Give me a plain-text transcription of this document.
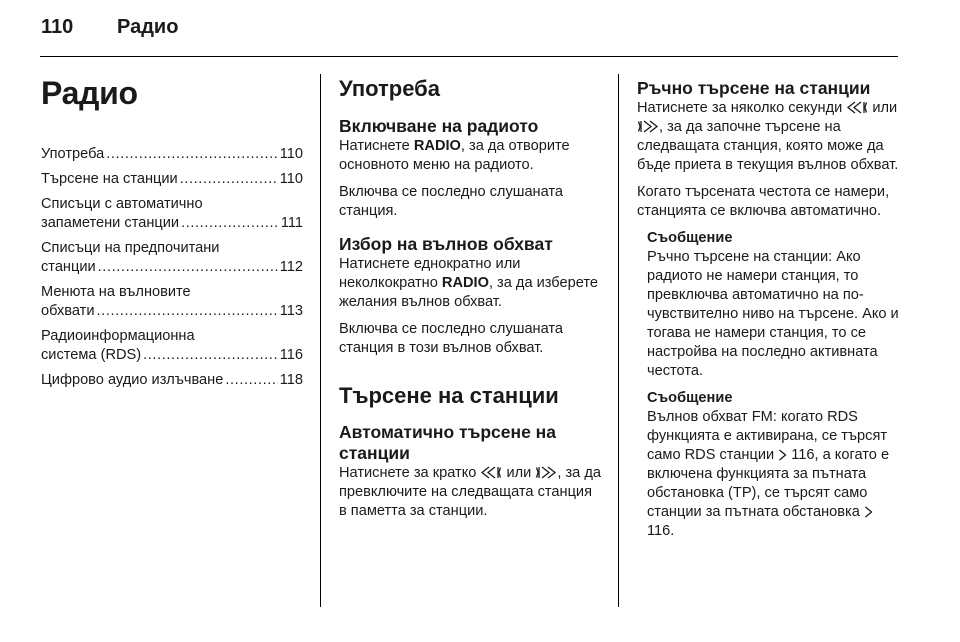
110 Радио
Радио
Употреба .....	110
Търсене на станции .....	110
Списъци с автоматично
запаметени станции .....	111
Списъци на предпочитани
станции .....	112
Менюта на вълновите
обхвати .....	113
Радиоинформационна
система (RDS) .....	116
Цифрово аудио излъчване .....	118
Употреба
Включване на радиото

Натиснете RADIO, за да отворите основното меню на радиото.

Включва се последно слушаната станция.

Избор на вълнов обхват

Натиснете еднократно или неколкократно RADIO, за да изберете желания вълнов обхват.

Включва се последно слушаната станция в този вълнов обхват.

Търсене на станции
Автоматично търсене на станции

Натиснете за кратко
или
, за да превключите на следващата станция в паметта за станции.

Ръчно търсене на станции

Натиснете за няколко секунди
или
, за да започне търсене на следващата станция, която може да бъде приета в текущия вълнов обхват.

Когато търсената честота се намери, станцията се включва автоматично.

Съобщение

Ръчно търсене на станции: Ако радиото не намери станция, то превключва автоматично на по-чувствително ниво на търсене. Ако и тогава не намери станция, то се настройва на последно активната честота.

Съобщение

Вълнов обхват FM: когато RDS функцията е активирана, се търсят само RDS станции
116, а когато е включена функцията за пътната обстановка (TP), се търсят само станции за пътната обстановка
116.
